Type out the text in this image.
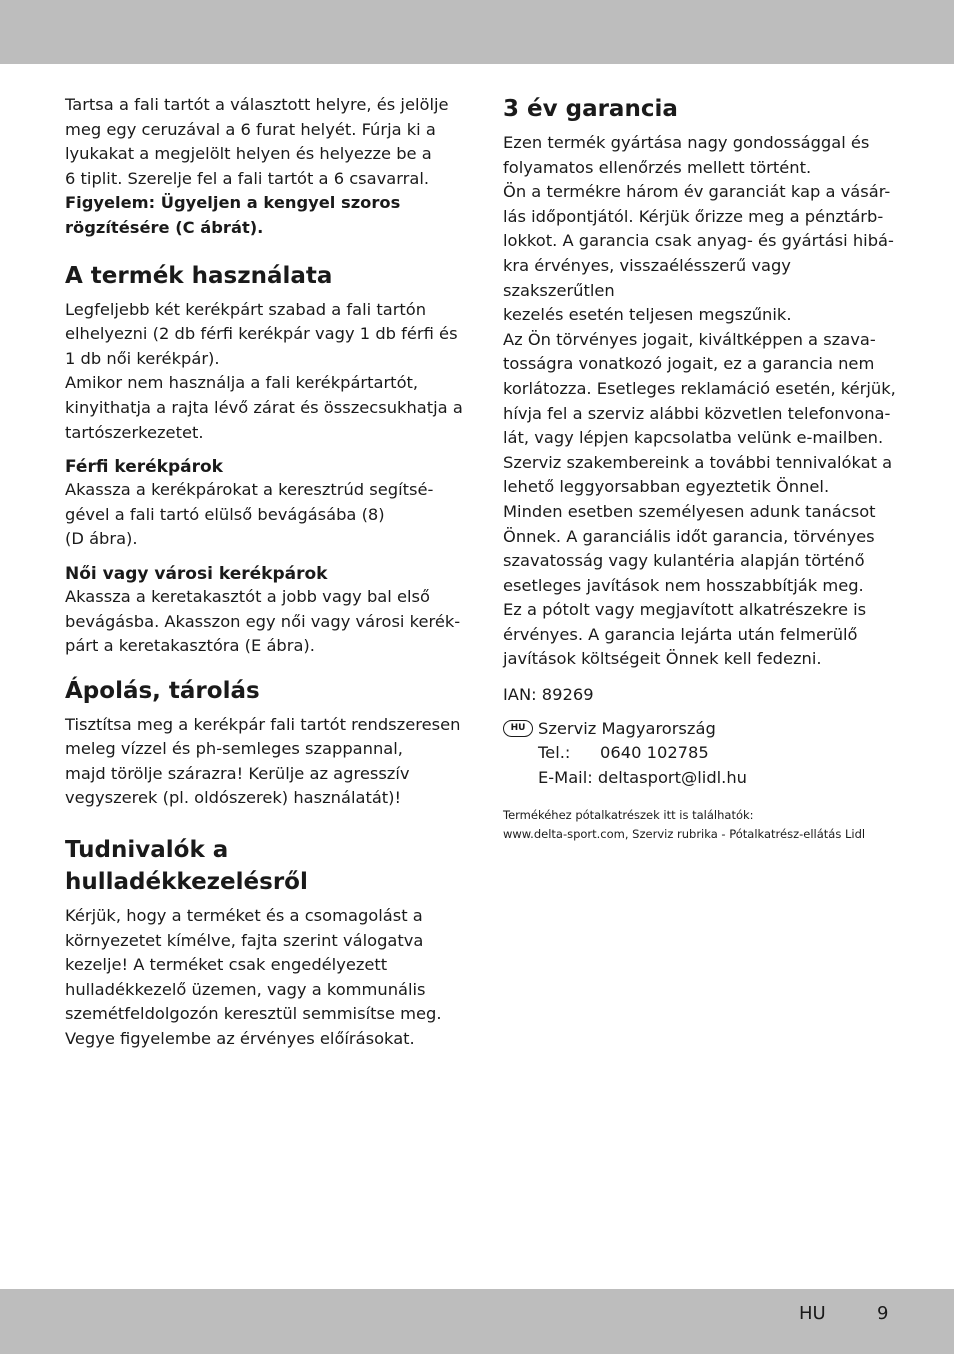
Tartsa a fali tartót a választott helyre, és jelölje
meg egy ceruzával a 6 furat helyét. Fúrja ki a
lyukakat a megjelölt helyen és helyezze be a
6 tiplit. Szerelje fel a fali tartót a 6 csavarral.

Figyelem: Ügyeljen a kengyel szoros
rögzítésére (C ábrát).

A termék használata

Legfeljebb két kerékpárt szabad a fali tartón
elhelyezni (2 db férfi kerékpár vagy 1 db férfi és
1 db női kerékpár).
Amikor nem használja a fali kerékpártartót,
kinyithatja a rajta lévő zárat és összecsukhatja a
tartószerkezetet.

Férfi kerékpárok

Akassza a kerékpárokat a keresztrúd segítsé-
gével a fali tartó elülső bevágásába (8)
(D ábra).

Női vagy városi kerékpárok

Akassza a keretakasztót a jobb vagy bal első
bevágásba. Akasszon egy női vagy városi kerék-
párt a keretakasztóra (E ábra).

Ápolás, tárolás

Tisztítsa meg a kerékpár fali tartót rendszeresen
meleg vízzel és ph-semleges szappannal,
majd törölje szárazra! Kerülje az agresszív
vegyszerek (pl. oldószerek) használatát)!

Tudnivalók a
hulladékkezelésről

Kérjük, hogy a terméket és a csomagolást a
környezetet kímélve, fajta szerint válogatva
kezelje! A terméket csak engedélyezett
hulladékkezelő üzemen, vagy a kommunális
szemétfeldolgozón keresztül semmisítse meg.
Vegye figyelembe az érvényes előírásokat.

3 év garancia

Ezen termék gyártása nagy gondossággal és
folyamatos ellenőrzés mellett történt.
Ön a termékre három év garanciát kap a vásár-
lás időpontjától. Kérjük őrizze meg a pénztárb-
lokkot. A garancia csak anyag- és gyártási hibá-
kra érvényes, visszaélésszerű vagy szakszerűtlen
kezelés esetén teljesen megszűnik.
Az Ön törvényes jogait, kiváltképpen a szava-
tosságra vonatkozó jogait, ez a garancia nem
korlátozza. Esetleges reklamáció esetén, kérjük,
hívja fel a szerviz alábbi közvetlen telefonvona-
lát, vagy lépjen kapcsolatba velünk e-mailben.
Szerviz szakembereink a további tennivalókat a
lehető leggyorsabban egyeztetik Önnel.
Minden esetben személyesen adunk tanácsot
Önnek. A garanciális időt garancia, törvényes
szavatosság vagy kulantéria alapján történő
esetleges javítások nem hosszabbítják meg.
Ez a pótolt vagy megjavított alkatrészekre is
érvényes. A garancia lejárta után felmerülő
javítások költségeit Önnek kell fedezni.

IAN: 89269

HU Szerviz Magyarország

Tel.:	0640 102785

E-Mail: deltasport@lidl.hu

Termékéhez pótalkatrészek itt is találhatók:
www.delta-sport.com, Szerviz rubrika - Pótalkatrész-ellátás Lidl

HU	9
